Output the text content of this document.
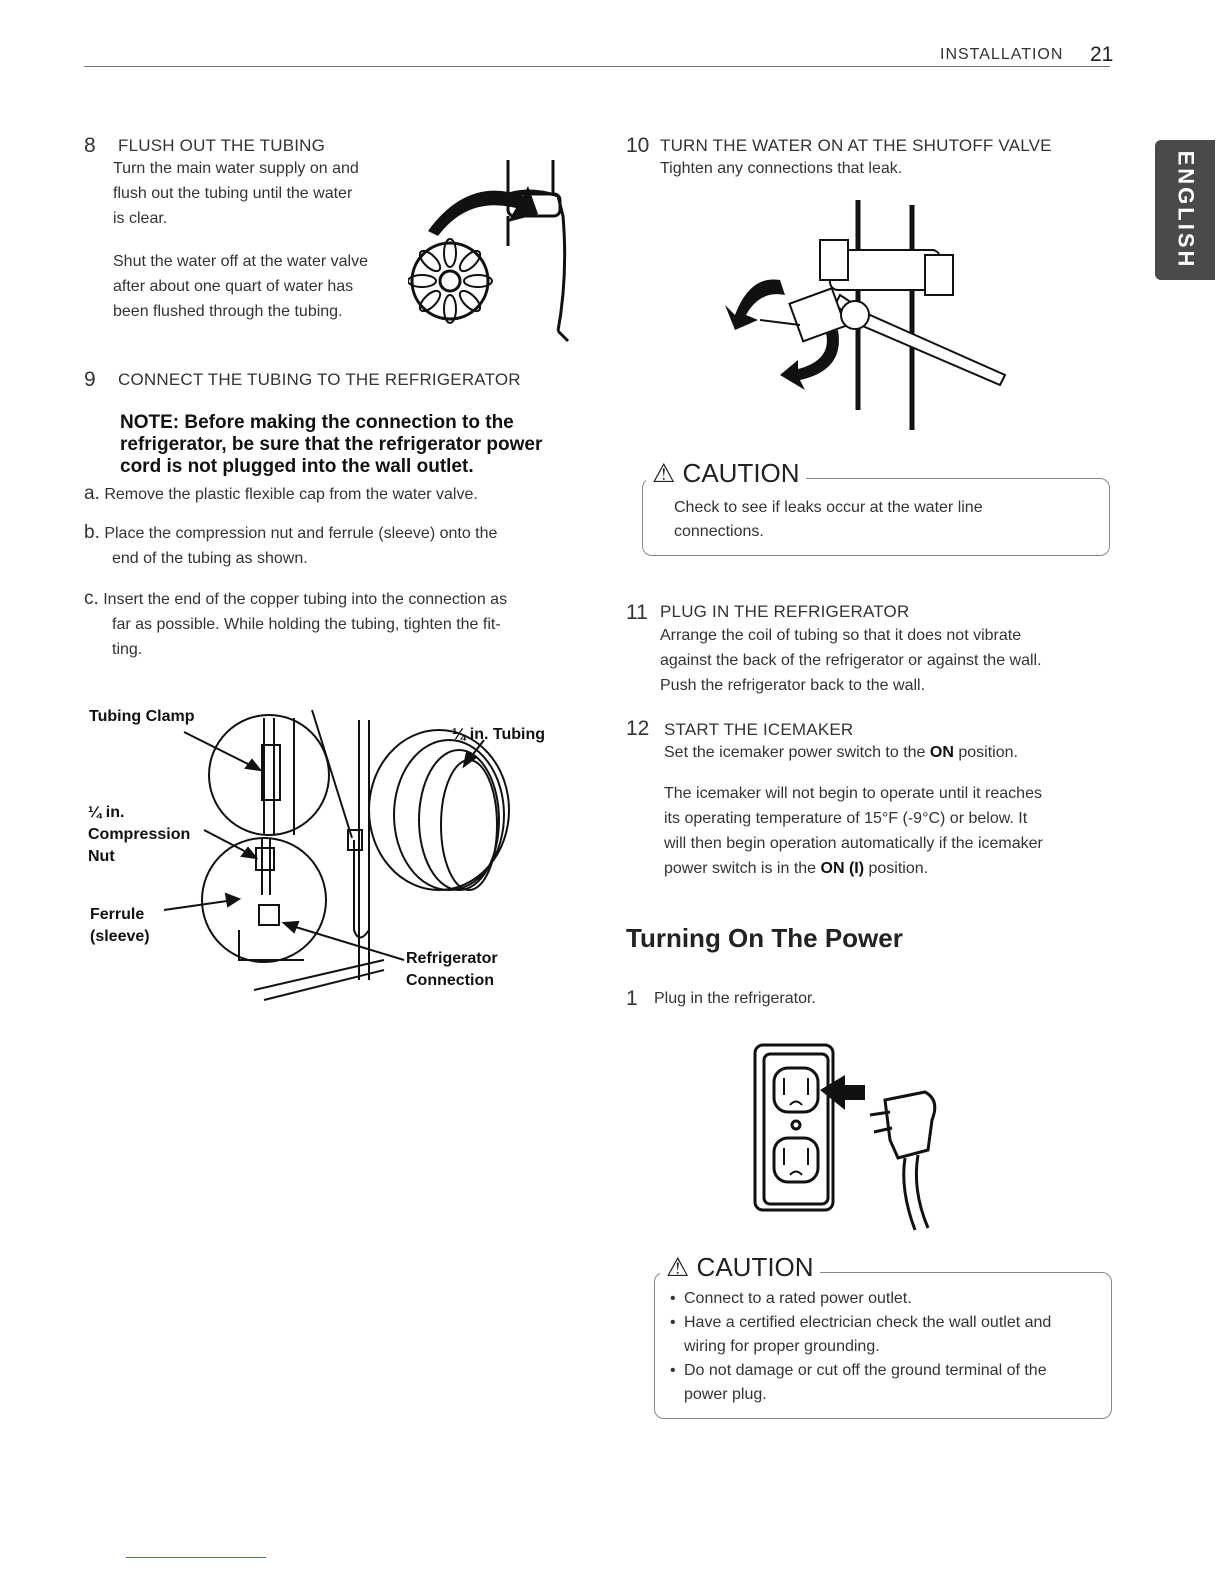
INSTALLATION 21
ENGLISH
8 FLUSH OUT THE TUBING
Turn the main water supply on and
flush out the tubing until the water
is clear.
Shut the water off at the water valve
after about one quart of water has
been flushed through the tubing.
9 CONNECT THE TUBING TO THE REFRIGERATOR
NOTE: Before making the connection to the
refrigerator, be sure that the refrigerator power
cord is not plugged into the wall outlet.
a. Remove the plastic flexible cap from the water valve.
b. Place the compression nut and ferrule (sleeve) onto the
end of the tubing as shown.
c. Insert the end of the copper tubing into the connection as
far as possible. While holding the tubing, tighten the fit-
ting.
Tubing Clamp
¼ in. Tubing
¼ in.
Compression
Nut
Ferrule
(sleeve)
Refrigerator
Connection
10 TURN THE WATER ON AT THE SHUTOFF VALVE
Tighten any connections that leak.
⚠ CAUTION
Check to see if leaks occur at the water line
connections.
11 PLUG IN THE REFRIGERATOR
Arrange the coil of tubing so that it does not vibrate
against the back of the refrigerator or against the wall.
Push the refrigerator back to the wall.
12 START THE ICEMAKER
Set the icemaker power switch to the ON position.
The icemaker will not begin to operate until it reaches
its operating temperature of 15°F (-9°C) or below. It
will then begin operation automatically if the icemaker
power switch is in the ON (I) position.
Turning On The Power
1 Plug in the refrigerator.
⚠ CAUTION
• Connect to a rated power outlet.
• Have a certified electrician check the wall outlet and
wiring for proper grounding.
• Do not damage or cut off the ground terminal of the
power plug.
